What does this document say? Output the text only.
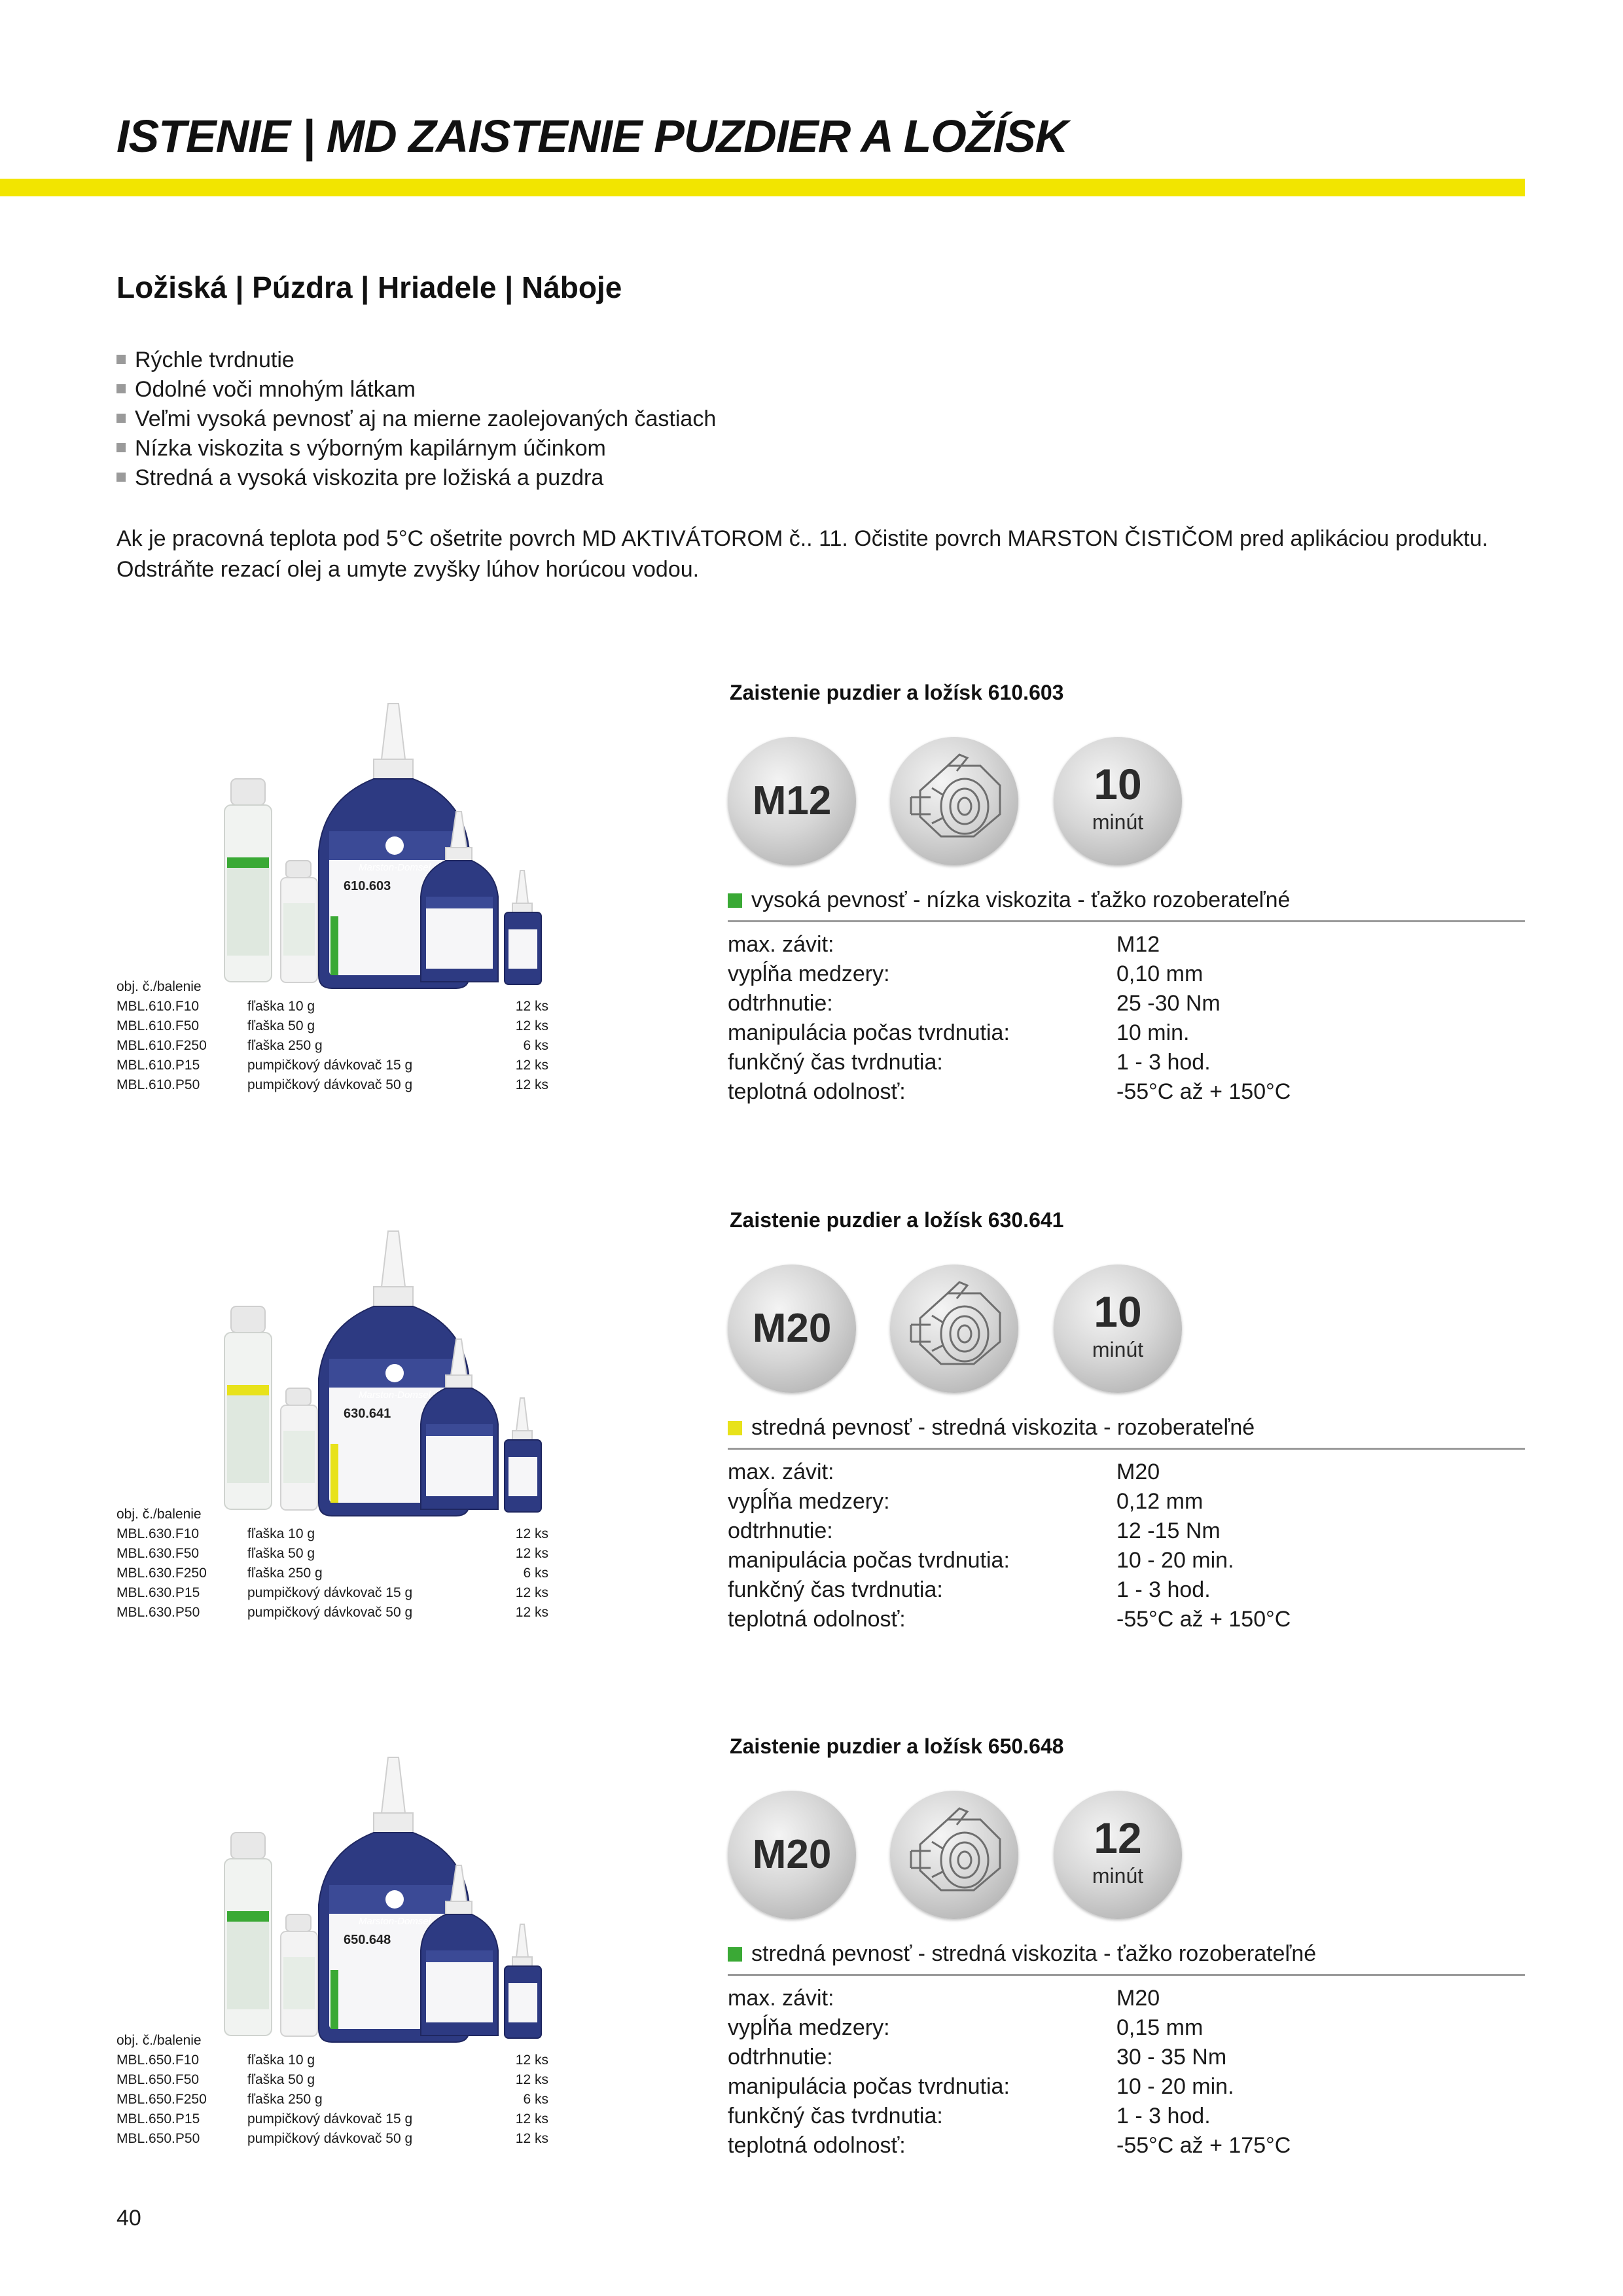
ISTENIE | MD ZAISTENIE PUZDIER A LOŽÍSK
Ložiská | Púzdra | Hriadele | Náboje
Rýchle tvrdnutie
Odolné voči mnohým látkam
Veľmi vysoká pevnosť aj na mierne zaolejovaných častiach
Nízka viskozita s výborným kapilárnym účinkom
Stredná a vysoká viskozita pre ložiská a puzdra
Ak je pracovná teplota pod 5°C ošetrite povrch MD AKTIVÁTOROM č.. 11. Očistite povrch MARSTON ČISTIČOM pred aplikáciou produktu.
Odstráňte rezací olej a umyte zvyšky lúhov horúcou vodou.
Zaistenie puzdier a ložísk 610.603
M12	10
minút
Marston-Domsel
610.603
vysoká pevnosť - nízka viskozita - ťažko rozoberateľné
max. závit:	M12
vypĺňa medzery:	0,10 mm
odtrhnutie:	25 -30 Nm
manipulácia počas tvrdnutia:	10 min.
funkčný čas tvrdnutia:	1 - 3 hod.
teplotná odolnosť:	-55°C až + 150°C
obj. č./balenie
MBL.610.F10	fľaška 10 g	12 ks
MBL.610.F50	fľaška 50 g	12 ks
MBL.610.F250	fľaška 250 g	6 ks
MBL.610.P15	pumpičkový dávkovač 15 g	12 ks
MBL.610.P50	pumpičkový dávkovač 50 g	12 ks
Zaistenie puzdier a ložísk 630.641
M20	10
minút
Marston-Domsel
630.641
stredná pevnosť - stredná viskozita - rozoberateľné
max. závit:	M20
vypĺňa medzery:	0,12 mm
odtrhnutie:	12 -15 Nm
manipulácia počas tvrdnutia:	10 - 20 min.
funkčný čas tvrdnutia:	1 - 3 hod.
teplotná odolnosť:	-55°C až + 150°C
obj. č./balenie
MBL.630.F10	fľaška 10 g	12 ks
MBL.630.F50	fľaška 50 g	12 ks
MBL.630.F250	fľaška 250 g	6 ks
MBL.630.P15	pumpičkový dávkovač 15 g	12 ks
MBL.630.P50	pumpičkový dávkovač 50 g	12 ks
Zaistenie puzdier a ložísk 650.648
M20	12
minút
Marston-Domsel
650.648
stredná pevnosť - stredná viskozita - ťažko rozoberateľné
max. závit:	M20
vypĺňa medzery:	0,15 mm
odtrhnutie:	30 - 35 Nm
manipulácia počas tvrdnutia:	10 - 20 min.
funkčný čas tvrdnutia:	1 - 3 hod.
teplotná odolnosť:	-55°C až + 175°C
obj. č./balenie
MBL.650.F10	fľaška 10 g	12 ks
MBL.650.F50	fľaška 50 g	12 ks
MBL.650.F250	fľaška 250 g	6 ks
MBL.650.P15	pumpičkový dávkovač 15 g	12 ks
MBL.650.P50	pumpičkový dávkovač 50 g	12 ks
40
